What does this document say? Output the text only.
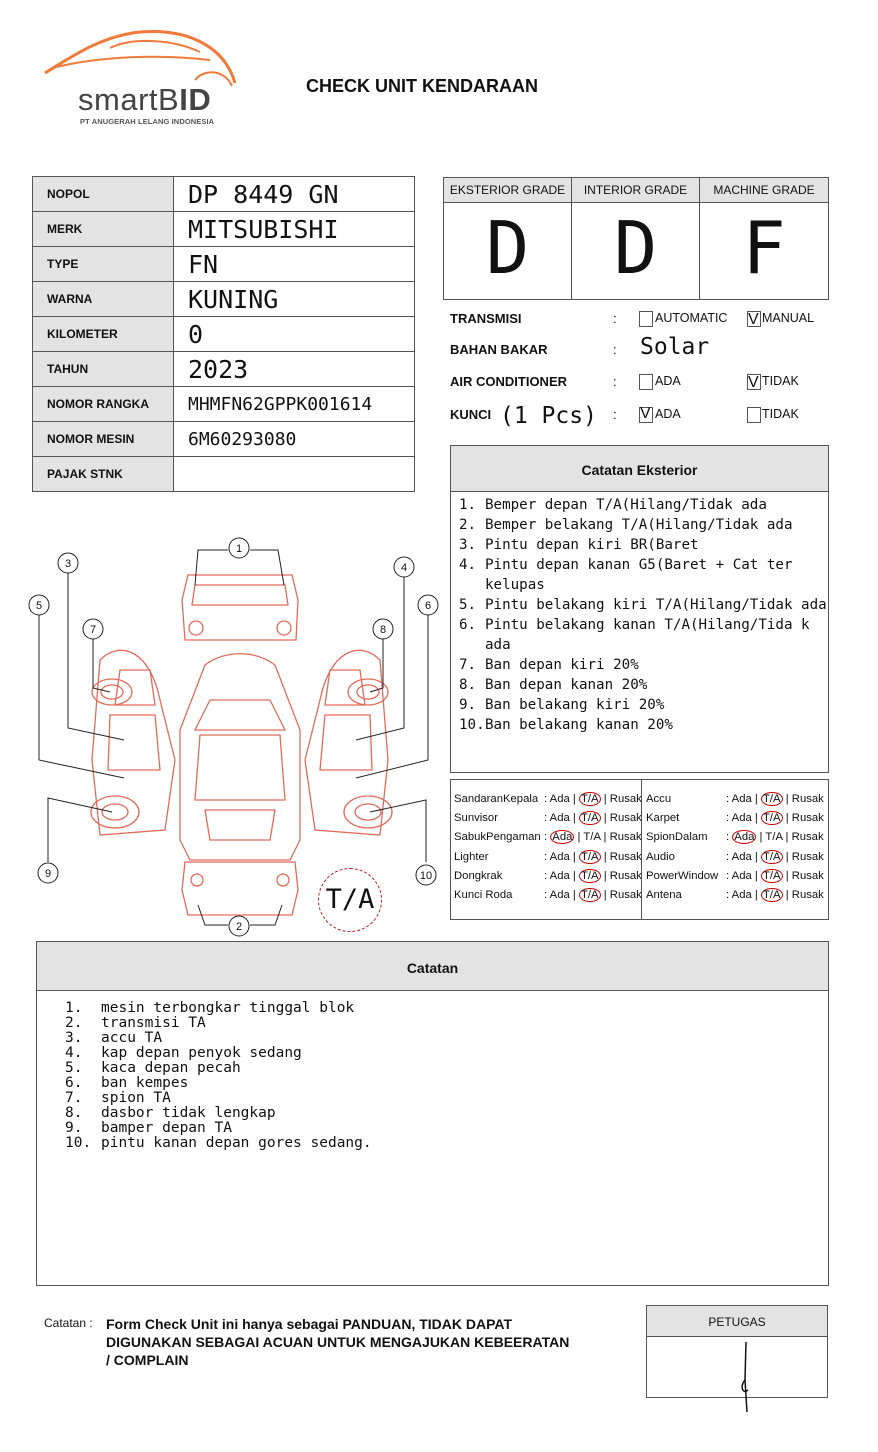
smartBID
PT ANUGERAH LELANG INDONESIA
CHECK UNIT KENDARAAN
NOPOL	DP 8449 GN
MERK	MITSUBISHI
TYPE	FN
WARNA	KUNING
KILOMETER	0
TAHUN	2023
NOMOR RANGKA	MHMFN62GPPK001614
NOMOR MESIN	6M60293080
PAJAK STNK	
EKSTERIOR GRADE
D
INTERIOR GRADE
D
MACHINE GRADE
F
TRANSMISI	:	AUTOMATIC V MANUAL
BAHAN BAKAR	: Solar
AIR CONDITIONER	:	ADA	V TIDAK
KUNCI (1 Pcs) : V ADA	TIDAK
Catatan Eksterior
1. Bemper depan T/A(Hilang/Tidak ada
2. Bemper belakang T/A(Hilang/Tidak ada
3. Pintu depan kiri BR(Baret
4. Pintu depan kanan G5(Baret + Cat ter kelupas
5. Pintu belakang kiri T/A(Hilang/Tidak ada
6. Pintu belakang kanan T/A(Hilang/Tida k ada
7. Ban depan kiri 20%
8. Ban depan kanan 20%
9. Ban belakang kiri 20%
10. Ban belakang kanan 20%
SandaranKepala : Ada | T/A | Rusak
Sunvisor	: Ada | T/A | Rusak
SabukPengaman : Ada | T/A | Rusak
Lighter	: Ada | T/A | Rusak
Dongkrak	: Ada | T/A | Rusak
Kunci Roda	: Ada | T/A | Rusak
Accu	: Ada | T/A | Rusak
Karpet	: Ada | T/A | Rusak
SpionDalam : Ada | T/A | Rusak
Audio	: Ada | T/A | Rusak
PowerWindow : Ada | T/A | Rusak
Antena	: Ada | T/A | Rusak
1
2
3	4
5	6
7	8
9	10
T/A
Catatan
1.	mesin terbongkar tinggal blok
2.	transmisi TA
3.	accu TA
4.	kap depan penyok sedang
5.	kaca depan pecah
6.	ban kempes
7.	spion TA
8.	dasbor tidak lengkap
9.	bamper depan TA
10. pintu kanan depan gores sedang.
Catatan : Form Check Unit ini hanya sebagai PANDUAN, TIDAK DAPAT DIGUNAKAN SEBAGAI ACUAN UNTUK MENGAJUKAN KEBEERATAN / COMPLAIN
PETUGAS
